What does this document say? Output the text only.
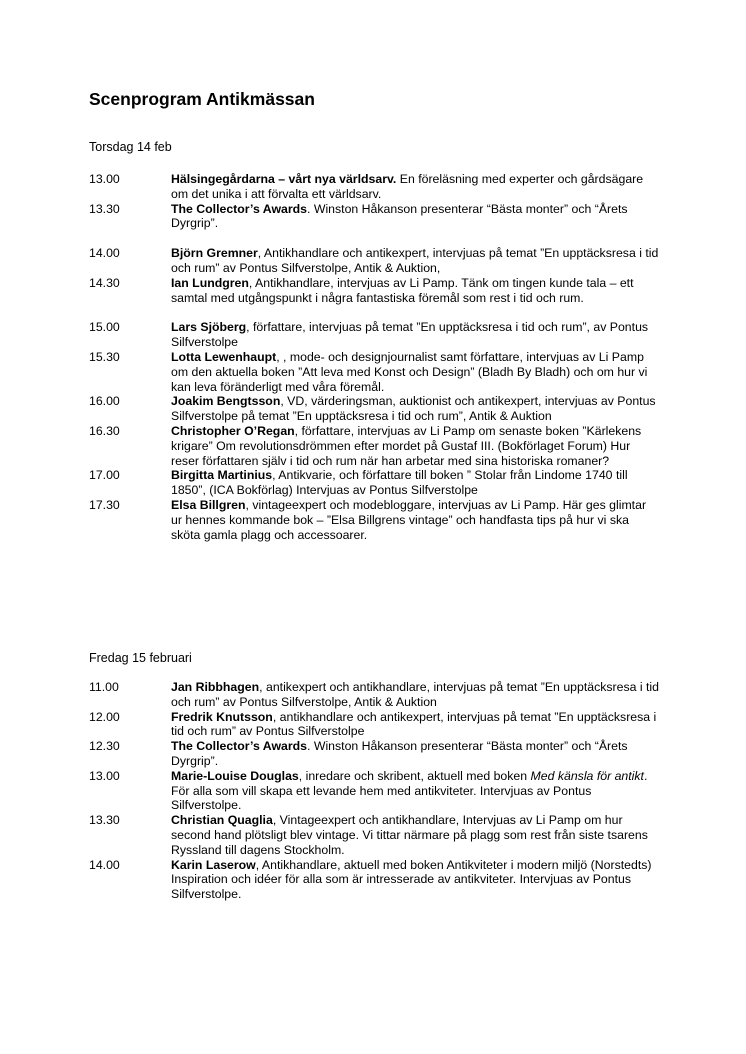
Scenprogram Antikmässan
Torsdag 14 feb
13.00	Hälsingegårdarna – vårt nya världsarv. En föreläsning med experter och gårdsägare om det unika i att förvalta ett världsarv.
13.30	The Collector’s Awards. Winston Håkanson presenterar “Bästa monter” och “Årets Dyrgrip”.
14.00	Björn Gremner, Antikhandlare och antikexpert, intervjuas på temat ”En upptäcksresa i tid och rum” av Pontus Silfverstolpe, Antik & Auktion,
14.30	Ian Lundgren, Antikhandlare, intervjuas av Li Pamp. Tänk om tingen kunde tala – ett samtal med utgångspunkt i några fantastiska föremål som rest i tid och rum.
15.00	Lars Sjöberg, författare, intervjuas på temat ”En upptäcksresa i tid och rum”, av Pontus Silfverstolpe
15.30	Lotta Lewenhaupt, , mode- och designjournalist samt författare, intervjuas av Li Pamp om den aktuella boken ”Att leva med Konst och Design” (Bladh By Bladh) och om hur vi kan leva föränderligt med våra föremål.
16.00	Joakim Bengtsson, VD, värderingsman, auktionist och antikexpert, intervjuas av Pontus Silfverstolpe på temat ”En upptäcksresa i tid och rum”, Antik & Auktion
16.30	Christopher O’Regan, författare, intervjuas av Li Pamp om senaste boken ”Kärlekens krigare” Om revolutionsdrömmen efter mordet på Gustaf III. (Bokförlaget Forum) Hur reser författaren själv i tid och rum när han arbetar med sina historiska romaner?
17.00	Birgitta Martinius, Antikvarie, och författare till boken ” Stolar från Lindome 1740 till 1850”, (ICA Bokförlag) Intervjuas av Pontus Silfverstolpe
17.30	Elsa Billgren, vintageexpert och modebloggare, intervjuas av Li Pamp. Här ges glimtar ur hennes kommande bok – ”Elsa Billgrens vintage” och handfasta tips på hur vi ska sköta gamla plagg och accessoarer.
Fredag 15 februari
11.00	Jan Ribbhagen, antikexpert och antikhandlare, intervjuas på temat ”En upptäcksresa i tid och rum” av Pontus Silfverstolpe, Antik & Auktion
12.00	Fredrik Knutsson, antikhandlare och antikexpert, intervjuas på temat ”En upptäcksresa i tid och rum” av Pontus Silfverstolpe
12.30	The Collector’s Awards. Winston Håkanson presenterar “Bästa monter” och “Årets Dyrgrip”.
13.00	Marie-Louise Douglas, inredare och skribent, aktuell med boken Med känsla för antikt. För alla som vill skapa ett levande hem med antikviteter. Intervjuas av Pontus Silfverstolpe.
13.30	Christian Quaglia, Vintageexpert och antikhandlare, Intervjuas av Li Pamp om hur second hand plötsligt blev vintage. Vi tittar närmare på plagg som rest från siste tsarens Ryssland till dagens Stockholm.
14.00	Karin Laserow, Antikhandlare, aktuell med boken Antikviteter i modern miljö (Norstedts) Inspiration och idéer för alla som är intresserade av antikviteter. Intervjuas av Pontus Silfverstolpe.
